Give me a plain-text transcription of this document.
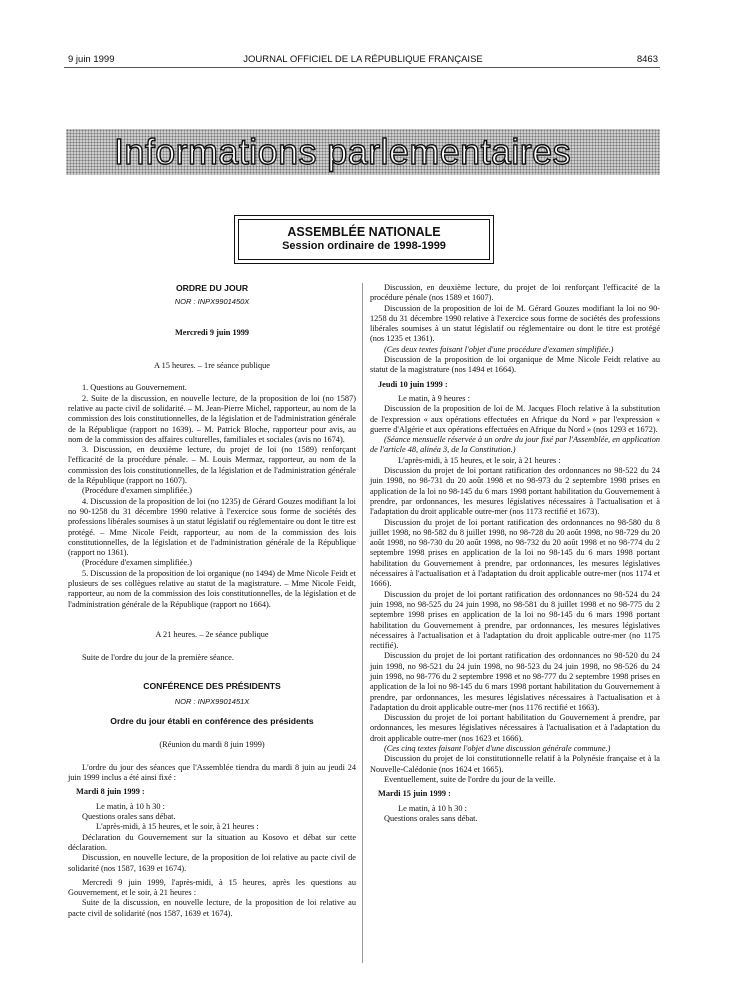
9 juin 1999	JOURNAL OFFICIEL DE LA RÉPUBLIQUE FRANÇAISE	8463
Informations parlementaires
ASSEMBLÉE NATIONALE
Session ordinaire de 1998-1999

ORDRE DU JOUR

NOR : INPX9901450X

Mercredi 9 juin 1999

A 15 heures. – 1re séance publique

1. Questions au Gouvernement.

2. Suite de la discussion, en nouvelle lecture, de la proposition de loi (no 1587) relative au pacte civil de solidarité. – M. Jean-Pierre Michel, rapporteur, au nom de la commission des lois constitutionnelles, de la législation et de l'administration générale de la République (rapport no 1639). – M. Patrick Bloche, rapporteur pour avis, au nom de la commission des affaires culturelles, familiales et sociales (avis no 1674).

3. Discussion, en deuxième lecture, du projet de loi (no 1589) renforçant l'efficacité de la procédure pénale. – M. Louis Mermaz, rapporteur, au nom de la commission des lois constitutionnelles, de la législation et de l'administration générale de la République (rapport no 1607).

(Procédure d'examen simplifiée.)

4. Discussion de la proposition de loi (no 1235) de Gérard Gouzes modifiant la loi no 90-1258 du 31 décembre 1990 relative à l'exercice sous forme de sociétés des professions libérales soumises à un statut législatif ou réglementaire ou dont le titre est protégé. – Mme Nicole Feidt, rapporteur, au nom de la commission des lois constitutionnelles, de la législation et de l'administration générale de la République (rapport no 1361).

(Procédure d'examen simplifiée.)

5. Discussion de la proposition de loi organique (no 1494) de Mme Nicole Feidt et plusieurs de ses collègues relative au statut de la magistrature. – Mme Nicole Feidt, rapporteur, au nom de la commission des lois constitutionnelles, de la législation et de l'administration générale de la République (rapport no 1664).

A 21 heures. – 2e séance publique

Suite de l'ordre du jour de la première séance.

CONFÉRENCE DES PRÉSIDENTS

NOR : INPX9901451X

Ordre du jour établi en conférence des présidents

(Réunion du mardi 8 juin 1999)

L'ordre du jour des séances que l'Assemblée tiendra du mardi 8 juin au jeudi 24 juin 1999 inclus a été ainsi fixé :

Mardi 8 juin 1999 :

Le matin, à 10 h 30 :

Questions orales sans débat.

L'après-midi, à 15 heures, et le soir, à 21 heures :

Déclaration du Gouvernement sur la situation au Kosovo et débat sur cette déclaration.

Discussion, en nouvelle lecture, de la proposition de loi relative au pacte civil de solidarité (nos 1587, 1639 et 1674).

Mercredi 9 juin 1999, l'après-midi, à 15 heures, après les questions au Gouvernement, et le soir, à 21 heures :

Suite de la discussion, en nouvelle lecture, de la proposition de loi relative au pacte civil de solidarité (nos 1587, 1639 et 1674).

Discussion, en deuxième lecture, du projet de loi renforçant l'efficacité de la procédure pénale (nos 1589 et 1607).

Discussion de la proposition de loi de M. Gérard Gouzes modifiant la loi no 90-1258 du 31 décembre 1990 relative à l'exercice sous forme de sociétés des professions libérales soumises à un statut législatif ou réglementaire ou dont le titre est protégé (nos 1235 et 1361).

(Ces deux textes faisant l'objet d'une procédure d'examen simplifiée.)

Discussion de la proposition de loi organique de Mme Nicole Feidt relative au statut de la magistrature (nos 1494 et 1664).

Jeudi 10 juin 1999 :

Le matin, à 9 heures :

Discussion de la proposition de loi de M. Jacques Floch relative à la substitution de l'expression « aux opérations effectuées en Afrique du Nord » par l'expression « guerre d'Algérie et aux opérations effectuées en Afrique du Nord » (nos 1293 et 1672).

(Séance mensuelle réservée à un ordre du jour fixé par l'Assemblée, en application de l'article 48, alinéa 3, de la Constitution.)

L'après-midi, à 15 heures, et le soir, à 21 heures :

Discussion du projet de loi portant ratification des ordonnances no 98-522 du 24 juin 1998, no 98-731 du 20 août 1998 et no 98-973 du 2 septembre 1998 prises en application de la loi no 98-145 du 6 mars 1998 portant habilitation du Gouvernement à prendre, par ordonnances, les mesures législatives nécessaires à l'actualisation et à l'adaptation du droit applicable outre-mer (nos 1173 rectifié et 1673).

Discussion du projet de loi portant ratification des ordonnances no 98-580 du 8 juillet 1998, no 98-582 du 8 juillet 1998, no 98-728 du 20 août 1998, no 98-729 du 20 août 1998, no 98-730 du 20 août 1998, no 98-732 du 20 août 1998 et no 98-774 du 2 septembre 1998 prises en application de la loi no 98-145 du 6 mars 1998 portant habilitation du Gouvernement à prendre, par ordonnances, les mesures législatives nécessaires à l'actualisation et à l'adaptation du droit applicable outre-mer (nos 1174 et 1666).

Discussion du projet de loi portant ratification des ordonnances no 98-524 du 24 juin 1998, no 98-525 du 24 juin 1998, no 98-581 du 8 juillet 1998 et no 98-775 du 2 septembre 1998 prises en application de la loi no 98-145 du 6 mars 1998 portant habilitation du Gouvernement à prendre, par ordonnances, les mesures législatives nécessaires à l'actualisation et à l'adaptation du droit applicable outre-mer (no 1175 rectifié).

Discussion du projet de loi portant ratification des ordonnances no 98-520 du 24 juin 1998, no 98-521 du 24 juin 1998, no 98-523 du 24 juin 1998, no 98-526 du 24 juin 1998, no 98-776 du 2 septembre 1998 et no 98-777 du 2 septembre 1998 prises en application de la loi no 98-145 du 6 mars 1998 portant habilitation du Gouvernement à prendre, par ordonnances, les mesures législatives nécessaires à l'actualisation et à l'adaptation du droit applicable outre-mer (nos 1176 rectifié et 1663).

Discussion du projet de loi portant habilitation du Gouvernement à prendre, par ordonnances, les mesures législatives nécessaires à l'actualisation et à l'adaptation du droit applicable outre-mer (nos 1623 et 1666).

(Ces cinq textes faisant l'objet d'une discussion générale commune.)

Discussion du projet de loi constitutionnelle relatif à la Polynésie française et à la Nouvelle-Calédonie (nos 1624 et 1665).

Eventuellement, suite de l'ordre du jour de la veille.

Mardi 15 juin 1999 :

Le matin, à 10 h 30 :

Questions orales sans débat.
